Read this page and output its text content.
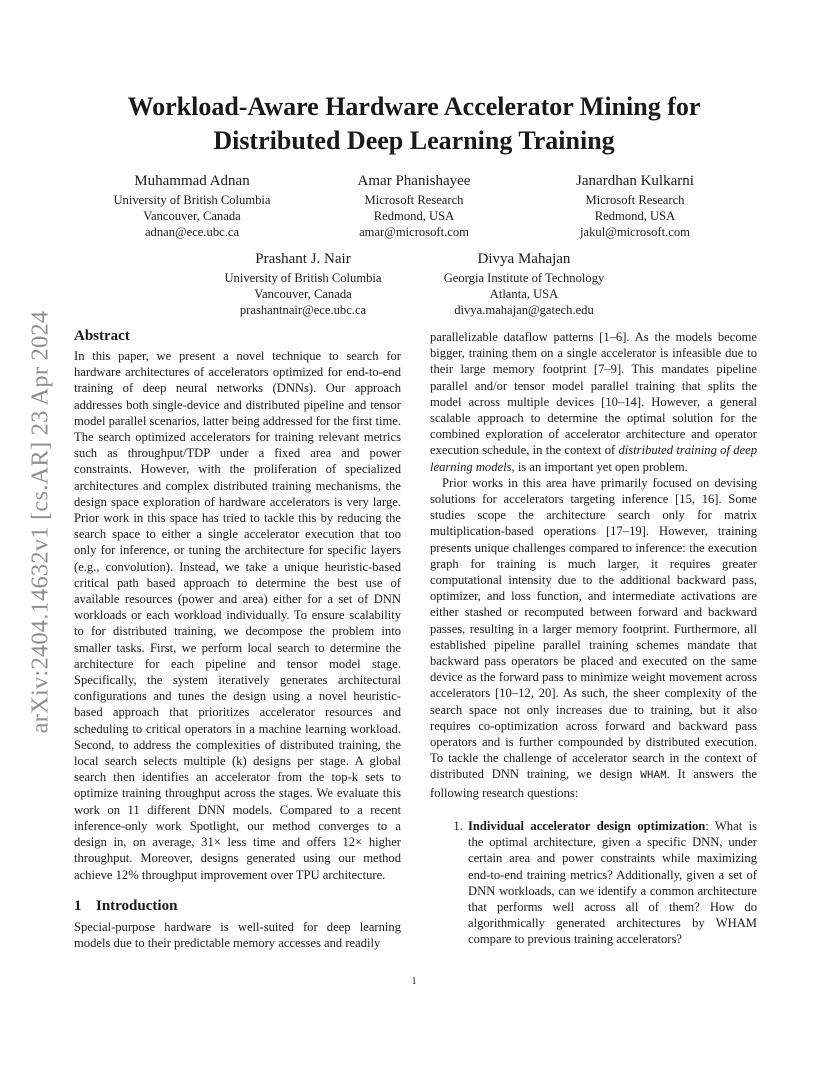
arXiv:2404.14632v1 [cs.AR] 23 Apr 2024
Workload-Aware Hardware Accelerator Mining for
Distributed Deep Learning Training
Muhammad Adnan
University of British Columbia
Vancouver, Canada
adnan@ece.ubc.ca
Amar Phanishayee
Microsoft Research
Redmond, USA
amar@microsoft.com
Janardhan Kulkarni
Microsoft Research
Redmond, USA
jakul@microsoft.com
Prashant J. Nair
University of British Columbia
Vancouver, Canada
prashantnair@ece.ubc.ca
Divya Mahajan
Georgia Institute of Technology
Atlanta, USA
divya.mahajan@gatech.edu
Abstract

In this paper, we present a novel technique to search for hardware architectures of accelerators optimized for end-to-end training of deep neural networks (DNNs). Our approach addresses both single-device and distributed pipeline and tensor model parallel scenarios, latter being addressed for the first time. The search optimized accelerators for training relevant metrics such as throughput/TDP under a fixed area and power constraints. However, with the proliferation of specialized architectures and complex distributed training mechanisms, the design space exploration of hardware accelerators is very large. Prior work in this space has tried to tackle this by reducing the search space to either a single accelerator execution that too only for inference, or tuning the architecture for specific layers (e.g., convolution). Instead, we take a unique heuristic-based critical path based approach to determine the best use of available resources (power and area) either for a set of DNN workloads or each workload individually. To ensure scalability to for distributed training, we decompose the problem into smaller tasks. First, we perform local search to determine the architecture for each pipeline and tensor model stage. Specifically, the system iteratively generates architectural configurations and tunes the design using a novel heuristic-based approach that prioritizes accelerator resources and scheduling to critical operators in a machine learning workload. Second, to address the complexities of distributed training, the local search selects multiple (k) designs per stage. A global search then identifies an accelerator from the top-k sets to optimize training throughput across the stages. We evaluate this work on 11 different DNN models. Compared to a recent inference-only work Spotlight, our method converges to a design in, on average, 31× less time and offers 12× higher throughput. Moreover, designs generated using our method achieve 12% throughput improvement over TPU architecture.

1 Introduction

Special-purpose hardware is well-suited for deep learning models due to their predictable memory accesses and readily

parallelizable dataflow patterns [1–6]. As the models become bigger, training them on a single accelerator is infeasible due to their large memory footprint [7–9]. This mandates pipeline parallel and/or tensor model parallel training that splits the model across multiple devices [10–14]. However, a general scalable approach to determine the optimal solution for the combined exploration of accelerator architecture and operator execution schedule, in the context of distributed training of deep learning models, is an important yet open problem.

Prior works in this area have primarily focused on devising solutions for accelerators targeting inference [15, 16]. Some studies scope the architecture search only for matrix multiplication-based operations [17–19]. However, training presents unique challenges compared to inference: the execution graph for training is much larger, it requires greater computational intensity due to the additional backward pass, optimizer, and loss function, and intermediate activations are either stashed or recomputed between forward and backward passes, resulting in a larger memory footprint. Furthermore, all established pipeline parallel training schemes mandate that backward pass operators be placed and executed on the same device as the forward pass to minimize weight movement across accelerators [10–12, 20]. As such, the sheer complexity of the search space not only increases due to training, but it also requires co-optimization across forward and backward pass operators and is further compounded by distributed execution. To tackle the challenge of accelerator search in the context of distributed DNN training, we design WHAM. It answers the following research questions:

1. Individual accelerator design optimization: What is the optimal architecture, given a specific DNN, under certain area and power constraints while maximizing end-to-end training metrics? Additionally, given a set of DNN workloads, can we identify a common architecture that performs well across all of them? How do algorithmically generated architectures by WHAM compare to previous training accelerators?
1
